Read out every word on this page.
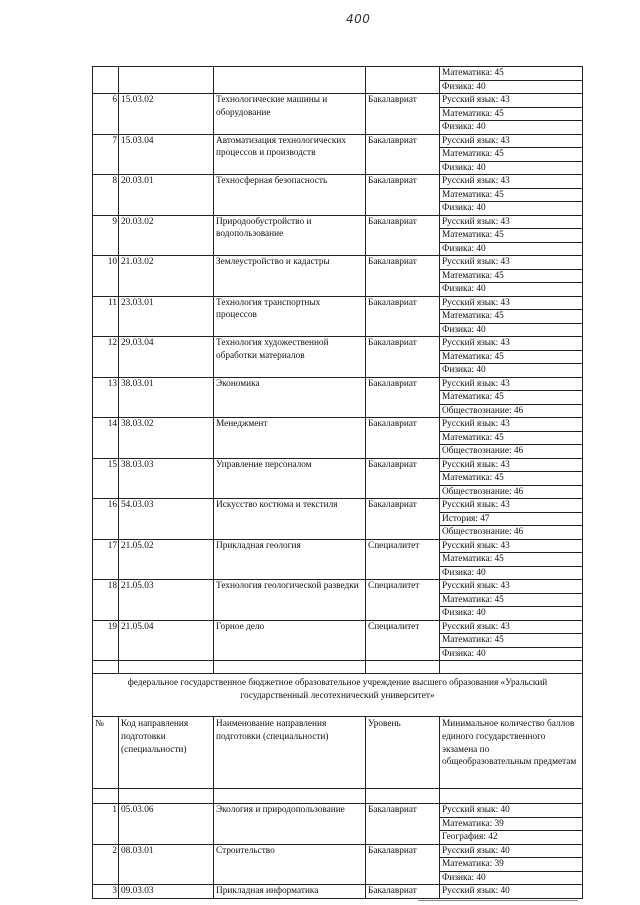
400
				Математика: 45
				Физика: 40
6	15.03.02	Технологические машины и оборудование	Бакалавриат	Русский язык: 43
				Математика: 45
				Физика: 40
7	15.03.04	Автоматизация технологических процессов и производств	Бакалавриат	Русский язык: 43
				Математика: 45
				Физика: 40
8	20.03.01	Техносферная безопасность	Бакалавриат	Русский язык: 43
				Математика: 45
				Физика: 40
9	20.03.02	Природообустройство и водопользование	Бакалавриат	Русский язык: 43
				Математика: 45
				Физика: 40
10	21.03.02	Землеустройство и кадастры	Бакалавриат	Русский язык: 43
				Математика: 45
				Физика: 40
11	23.03.01	Технология транспортных процессов	Бакалавриат	Русский язык: 43
				Математика: 45
				Физика: 40
12	29.03.04	Технология художественной обработки материалов	Бакалавриат	Русский язык: 43
				Математика: 45
				Физика: 40
13	38.03.01	Экономика	Бакалавриат	Русский язык: 43
				Математика: 45
				Обществознание: 46
14	38.03.02	Менеджмент	Бакалавриат	Русский язык: 43
				Математика: 45
				Обществознание: 46
15	38.03.03	Управление персоналом	Бакалавриат	Русский язык: 43
				Математика: 45
				Обществознание: 46
16	54.03.03	Искусство костюма и текстиля	Бакалавриат	Русский язык: 43
				История: 47
				Обществознание: 46
17	21.05.02	Прикладная геология	Специалитет	Русский язык: 43
				Математика: 45
				Физика: 40
18	21.05.03	Технология геологической разведки	Специалитет	Русский язык: 43
				Математика: 45
				Физика: 40
19	21.05.04	Горное дело	Специалитет	Русский язык: 43
				Математика: 45
				Физика: 40

федеральное государственное бюджетное образовательное учреждение высшего образования «Уральский государственный лесотехнический университет»				
№	Код направления подготовки (специальности)	Наименование направления подготовки (специальности)	Уровень	Минимальное количество баллов единого государственного экзамена по общеобразовательным предметам

1	05.03.06	Экология и природопользование	Бакалавриат	Русский язык: 40
				Математика: 39
				География: 42
2	08.03.01	Строительство	Бакалавриат	Русский язык: 40
				Математика: 39
				Физика: 40
3	09.03.03	Прикладная информатика	Бакалавриат	Русский язык: 40
